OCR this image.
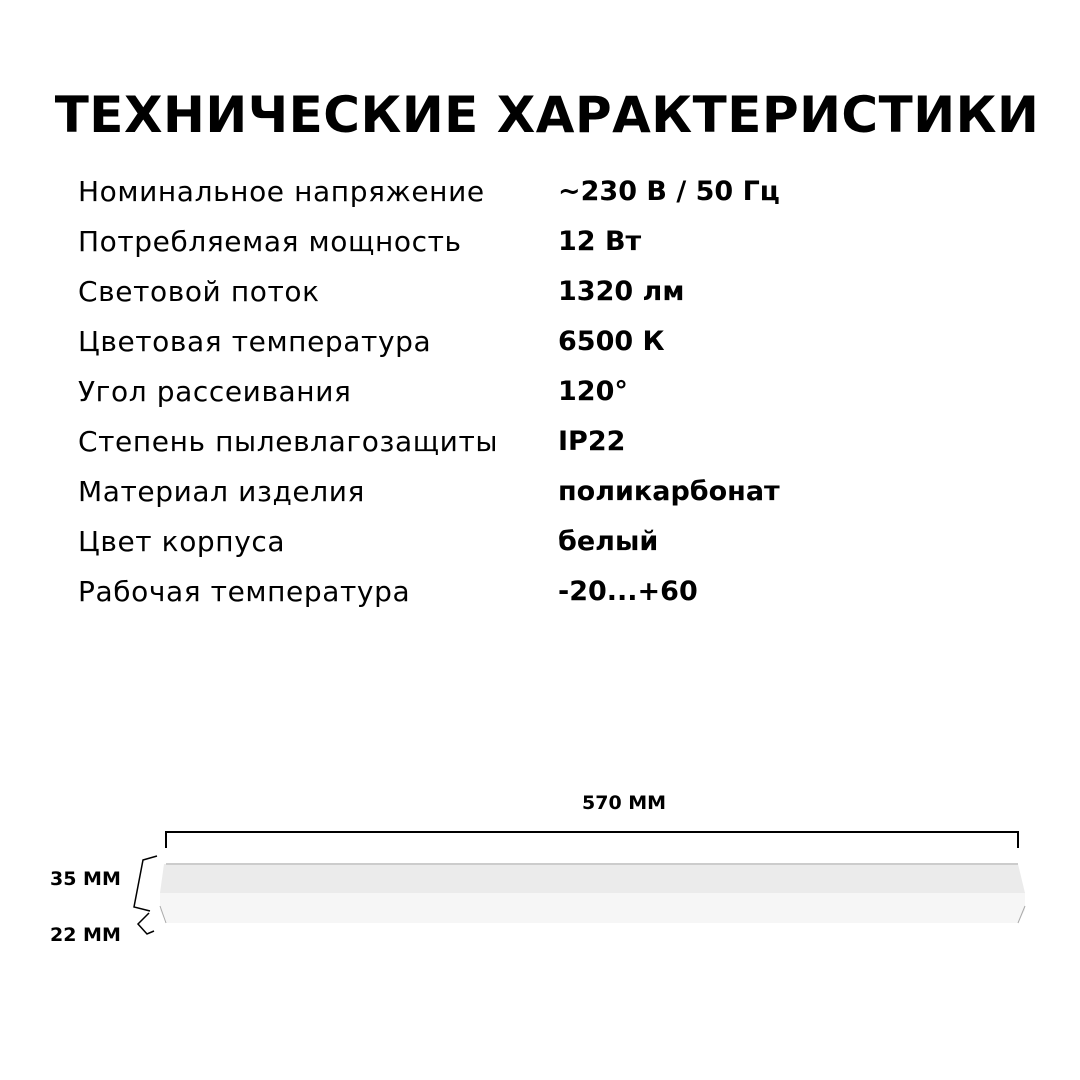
ТЕХНИЧЕСКИЕ ХАРАКТЕРИСТИКИ
Номинальное напряжение	~230 В / 50 Гц
Потребляемая мощность	12 Вт
Световой поток	1320 лм
Цветовая температура	6500 К
Угол рассеивания	120°
Степень пылевлагозащиты	IP22
Материал изделия	поликарбонат
Цвет корпуса	белый
Рабочая температура	-20...+60
570 MM
35 MM
22 MM
